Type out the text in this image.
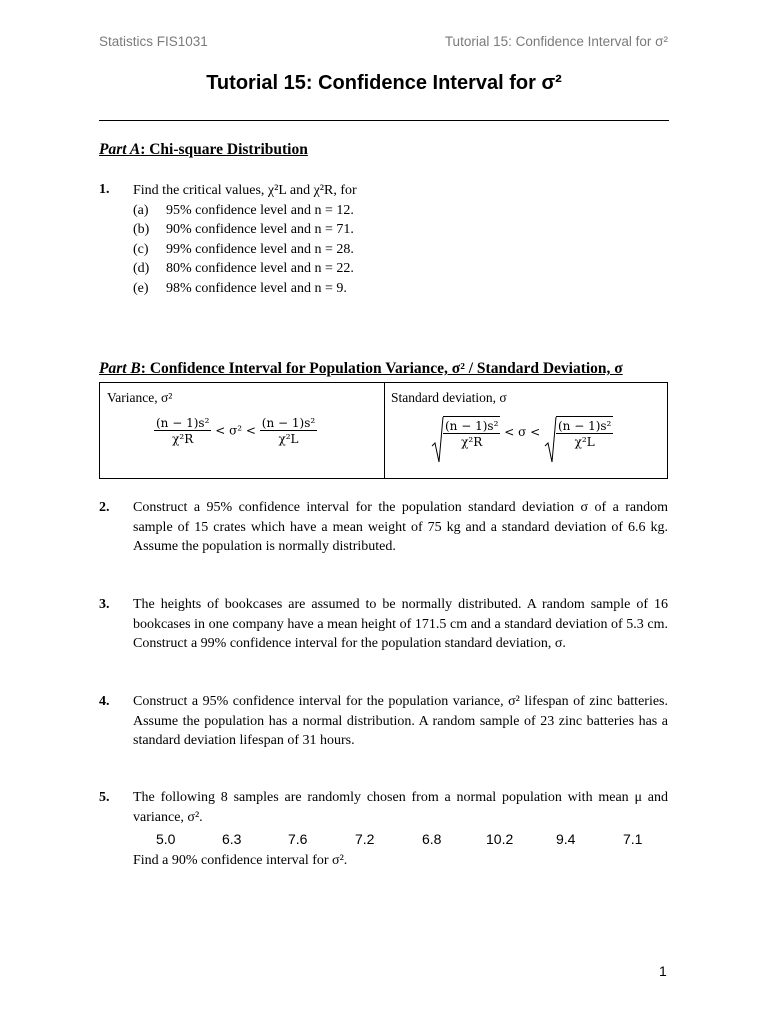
Statistics FIS1031	Tutorial 15: Confidence Interval for σ²
Tutorial 15: Confidence Interval for σ²
Part A: Chi-square Distribution
1. Find the critical values, χ²L and χ²R, for
(a) 95% confidence level and n = 12.
(b) 90% confidence level and n = 71.
(c) 99% confidence level and n = 28.
(d) 80% confidence level and n = 22.
(e) 98% confidence level and n = 9.
Part B: Confidence Interval for Population Variance, σ² / Standard Deviation, σ
Variance, σ²	Standard deviation, σ
$\frac{\text{(n − 1)s²}}{\text{χ²R}} < \sigma^2 < \frac{\text{(n − 1)s²}}{\text{χ²L}}$	$\frac{\text{(n − 1)s²}}{\text{χ²R}} < \sigma < \frac{\text{(n − 1)s²}}{\text{χ²L}}$
2. Construct a 95% confidence interval for the population standard deviation σ of a random sample of 15 crates which have a mean weight of 75 kg and a standard deviation of 6.6 kg. Assume the population is normally distributed.
3. The heights of bookcases are assumed to be normally distributed. A random sample of 16 bookcases in one company have a mean height of 171.5 cm and a standard deviation of 5.3 cm. Construct a 99% confidence interval for the population standard deviation, σ.
4. Construct a 95% confidence interval for the population variance, σ² lifespan of zinc batteries. Assume the population has a normal distribution. A random sample of 23 zinc batteries has a standard deviation lifespan of 31 hours.
5. The following 8 samples are randomly chosen from a normal population with mean μ and variance, σ².
5.0	6.3	7.6	7.2	6.8	10.2	9.4	7.1
Find a 90% confidence interval for σ².
1
